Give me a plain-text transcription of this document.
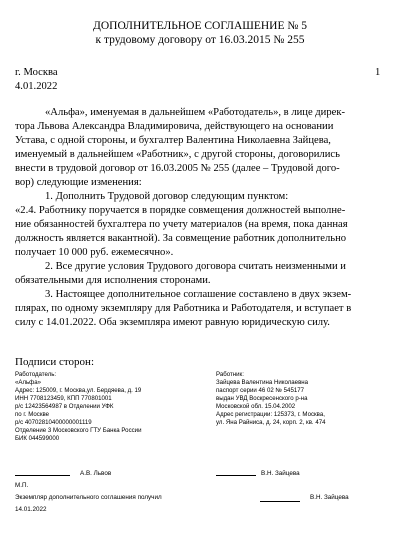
ДОПОЛНИТЕЛЬНОЕ СОГЛАШЕНИЕ № 5
к трудовому договору от 16.03.2015 № 255
г. Москва	1
4.01.2022
«Альфа», именуемая в дальнейшем «Работодатель», в лице дирек-
тора Львова Александра Владимировича, действующего на основании
Устава, с одной стороны, и бухгалтер Валентина Николаевна Зайцева,
именуемый в дальнейшем «Работник», с другой стороны, договорились
внести в трудовой договор от 16.03.2005 № 255 (далее – Трудовой дого-
вор) следующие изменения:
1. Дополнить Трудовой договор следующим пунктом:
«2.4. Работнику поручается в порядке совмещения должностей выполне-
ние обязанностей бухгалтера по учету материалов (на время, пока данная
должность является вакантной). За совмещение работник дополнительно
получает 10 000 руб. ежемесячно».
2. Все другие условия Трудового договора считать неизменными и
обязательными для исполнения сторонами.
3. Настоящее дополнительное соглашение составлено в двух экзем-
плярах, по одному экземпляру для Работника и Работодателя, и вступает в
силу с 14.01.2022. Оба экземпляра имеют равную юридическую силу.
Подписи сторон:
Работодатель:
«Альфа»
Адрес: 125009, г. Москва,ул. Бердяева, д. 19
ИНН 7708123459, КПП 770801001
р/с 12423564987 в Отделении УФК
по г. Москве
р/с 40702810400000001119
Отделение 3 Московского ГТУ Банка России
БИК 044599000
Работник:
Зайцева Валентина Николаевна
паспорт серии 46 02 № 545177
выдан УВД Воскресенского р-на
Московской обл. 15.04.2002
Адрес регистрации: 125373, г. Москва,
ул. Яна Райниса, д. 24, корп. 2, кв. 474
А.В. Львов	В.Н. Зайцева
М.П.
Экземпляр дополнительного соглашения получил	В.Н. Зайцева
14.01.2022
